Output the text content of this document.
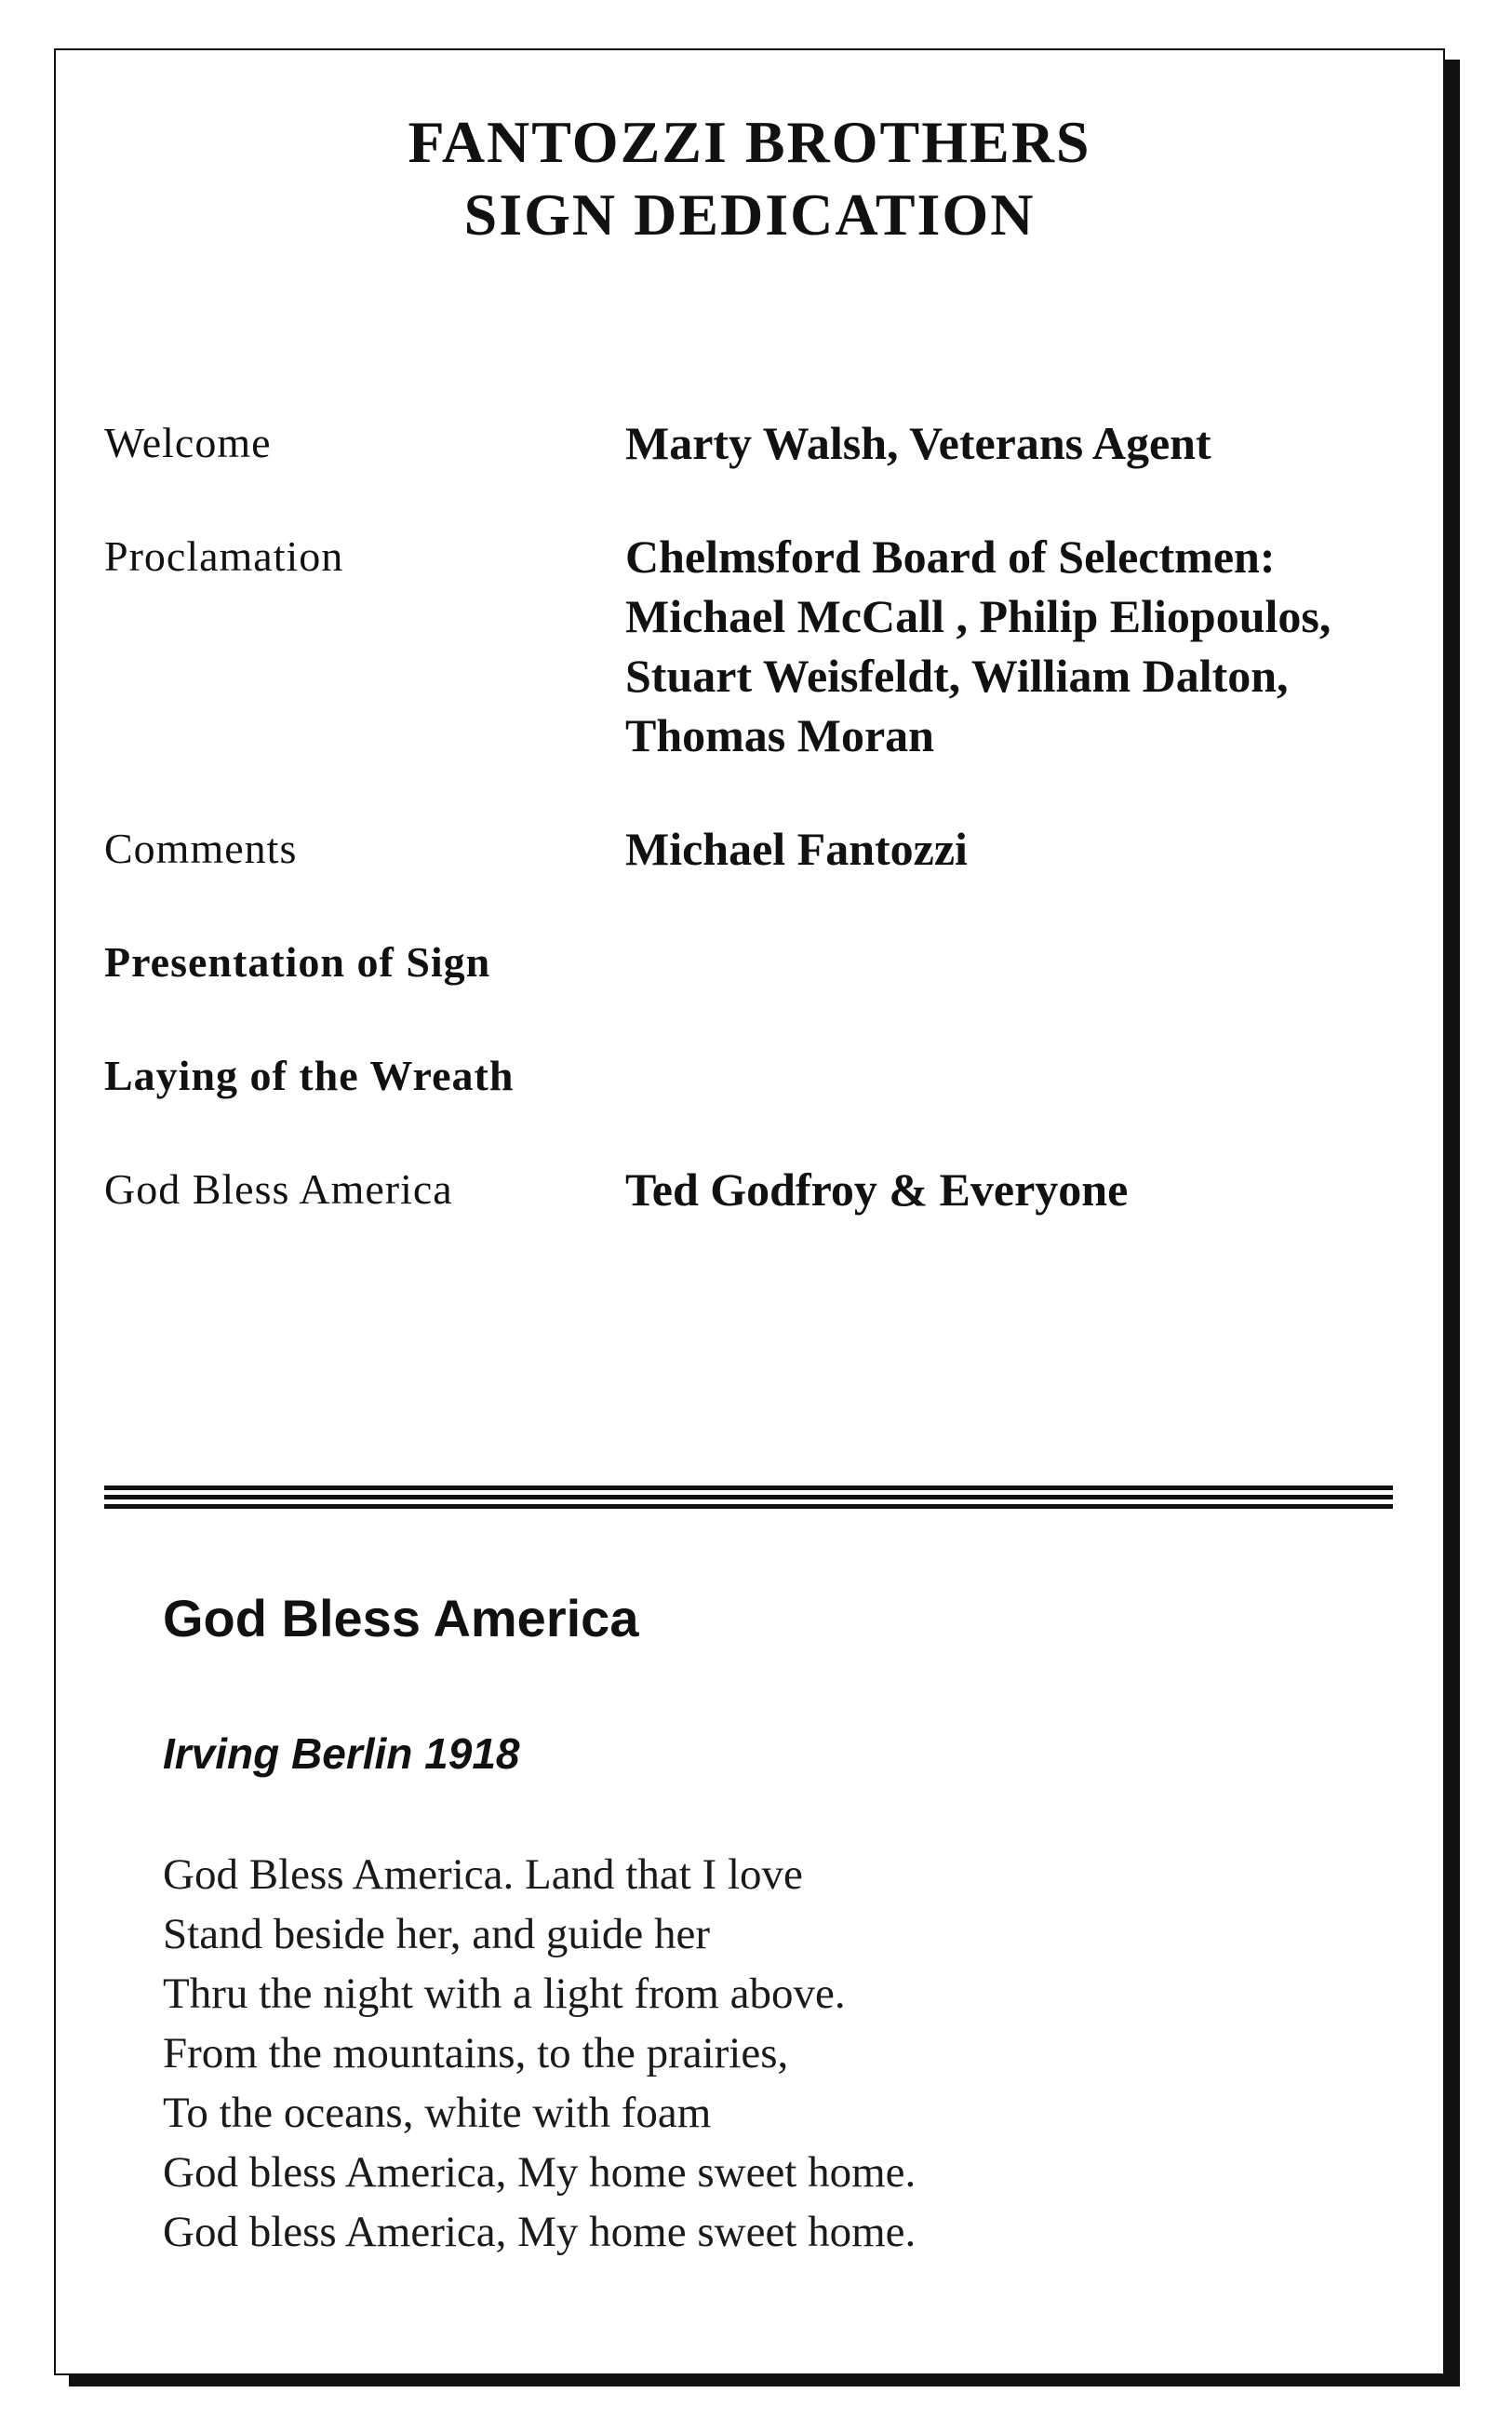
FANTOZZI BROTHERS
SIGN DEDICATION
Welcome	Marty Walsh, Veterans Agent
Proclamation	Chelmsford Board of Selectmen:
Michael McCall , Philip Eliopoulos,
Stuart Weisfeldt, William Dalton,
Thomas Moran
Comments	Michael Fantozzi
Presentation of Sign
Laying of the Wreath
God Bless America	Ted Godfroy & Everyone
God Bless America
Irving Berlin 1918
God Bless America. Land that I love
Stand beside her, and guide her
Thru the night with a light from above.
From the mountains, to the prairies,
To the oceans, white with foam
God bless America, My home sweet home.
God bless America, My home sweet home.
